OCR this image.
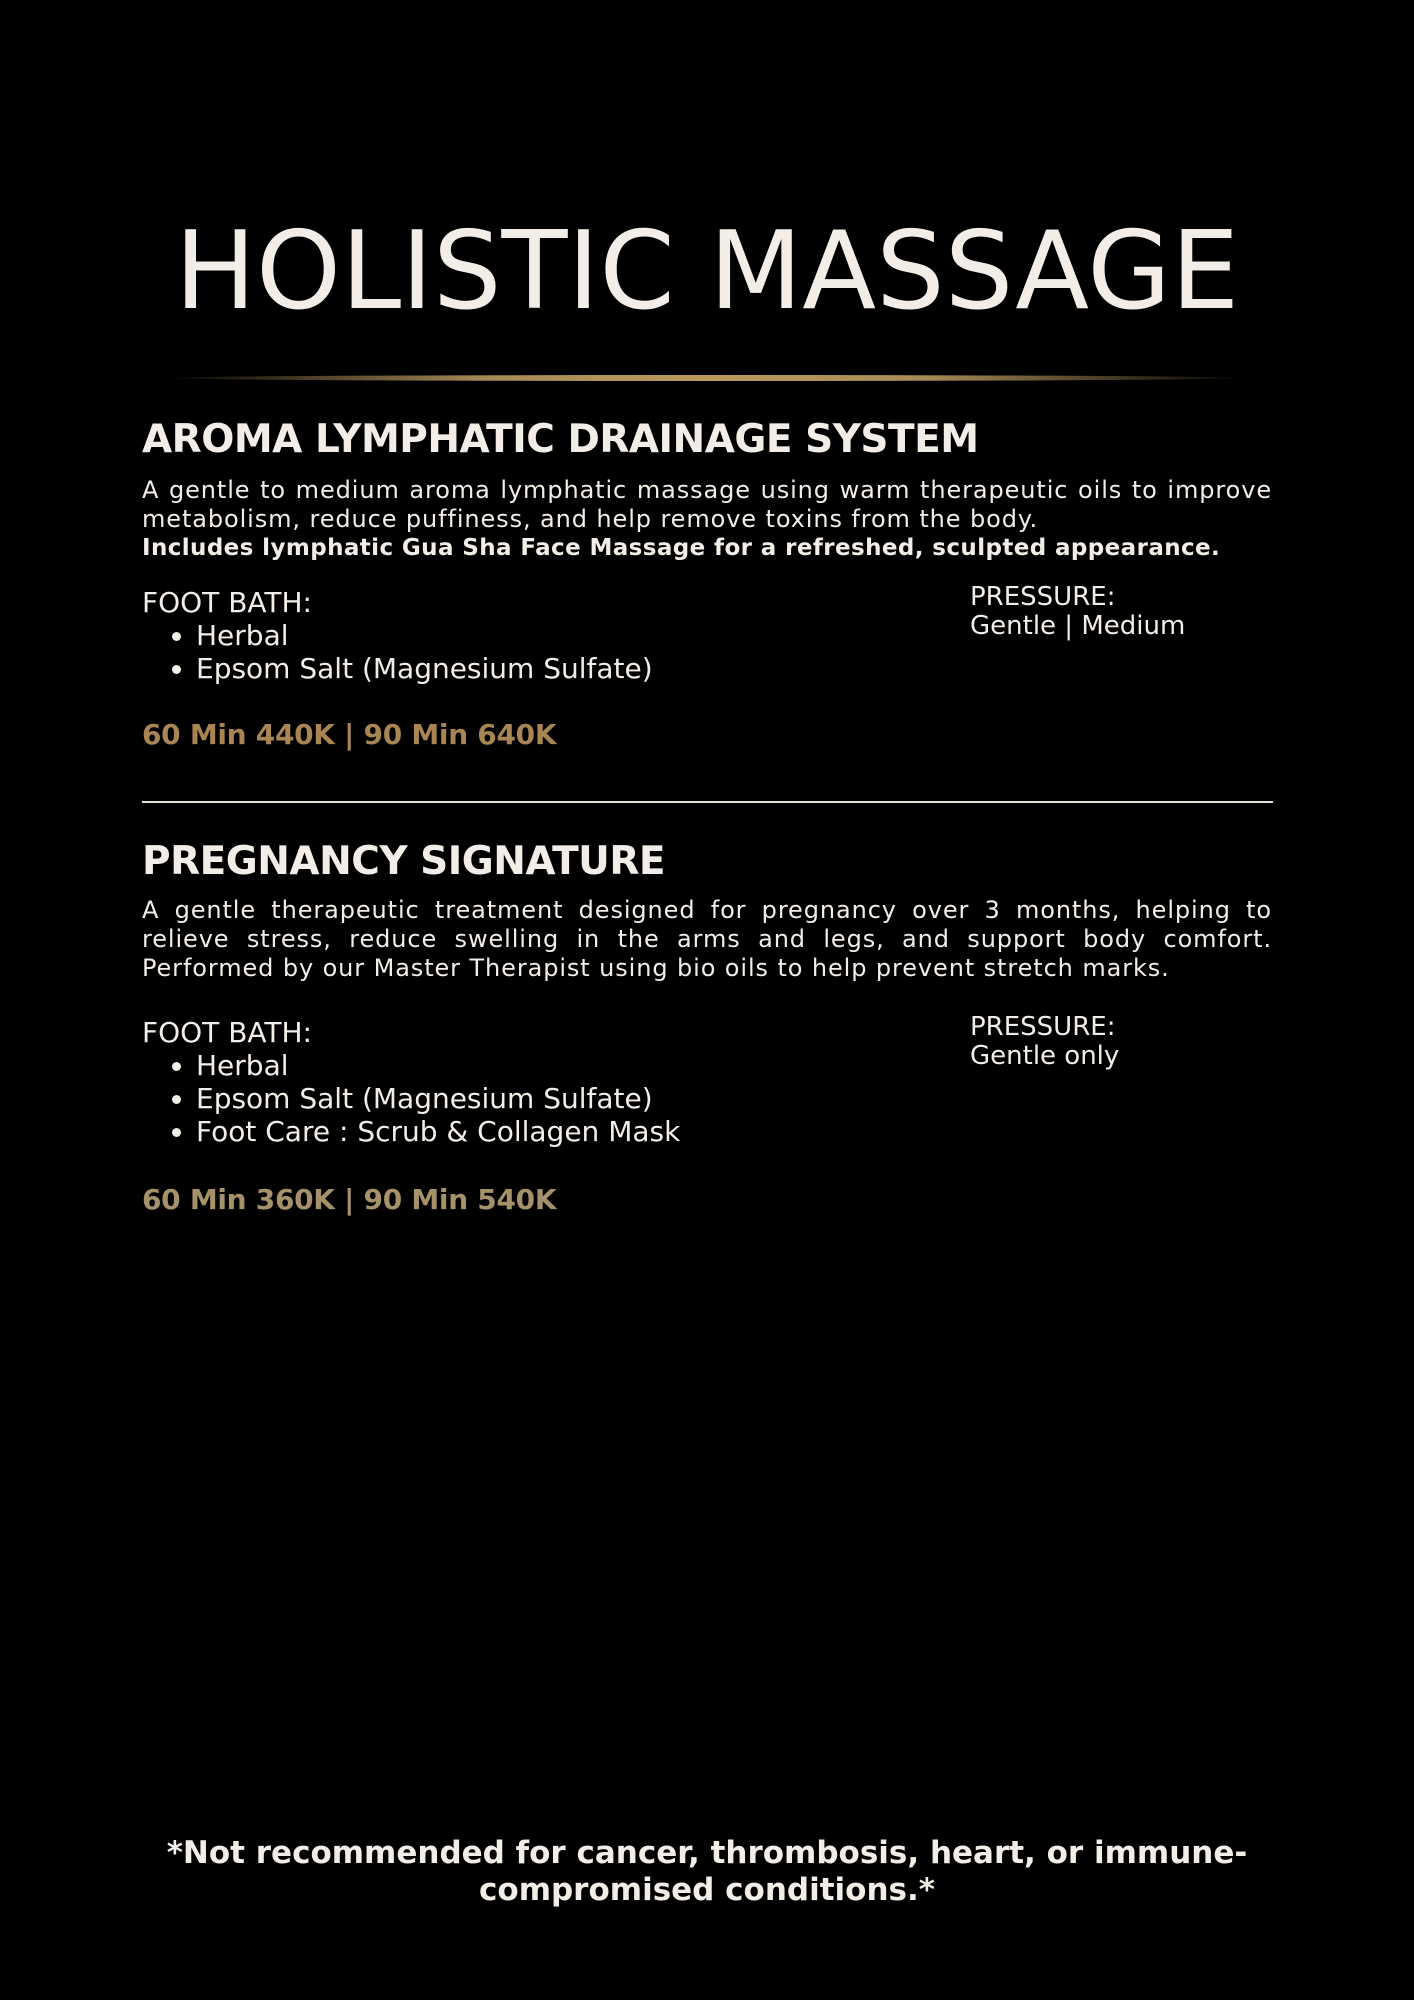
HOLISTIC MASSAGE
AROMA LYMPHATIC DRAINAGE SYSTEM

A gentle to medium aroma lymphatic massage using warm therapeutic oils to improve metabolism, reduce puffiness, and help remove toxins from the body.

Includes lymphatic Gua Sha Face Massage for a refreshed, sculpted appearance.

FOOT BATH:
• Herbal
• Epsom Salt (Magnesium Sulfate)
PRESSURE:
Gentle | Medium
60 Min 440K | 90 Min 640K
PREGNANCY SIGNATURE

A gentle therapeutic treatment designed for pregnancy over 3 months, helping to relieve stress, reduce swelling in the arms and legs, and support body comfort. Performed by our Master Therapist using bio oils to help prevent stretch marks.

FOOT BATH:
• Herbal
• Epsom Salt (Magnesium Sulfate)
• Foot Care : Scrub & Collagen Mask
PRESSURE:
Gentle only
60 Min 360K | 90 Min 540K
*Not recommended for cancer, thrombosis, heart, or immune-
compromised conditions.*
